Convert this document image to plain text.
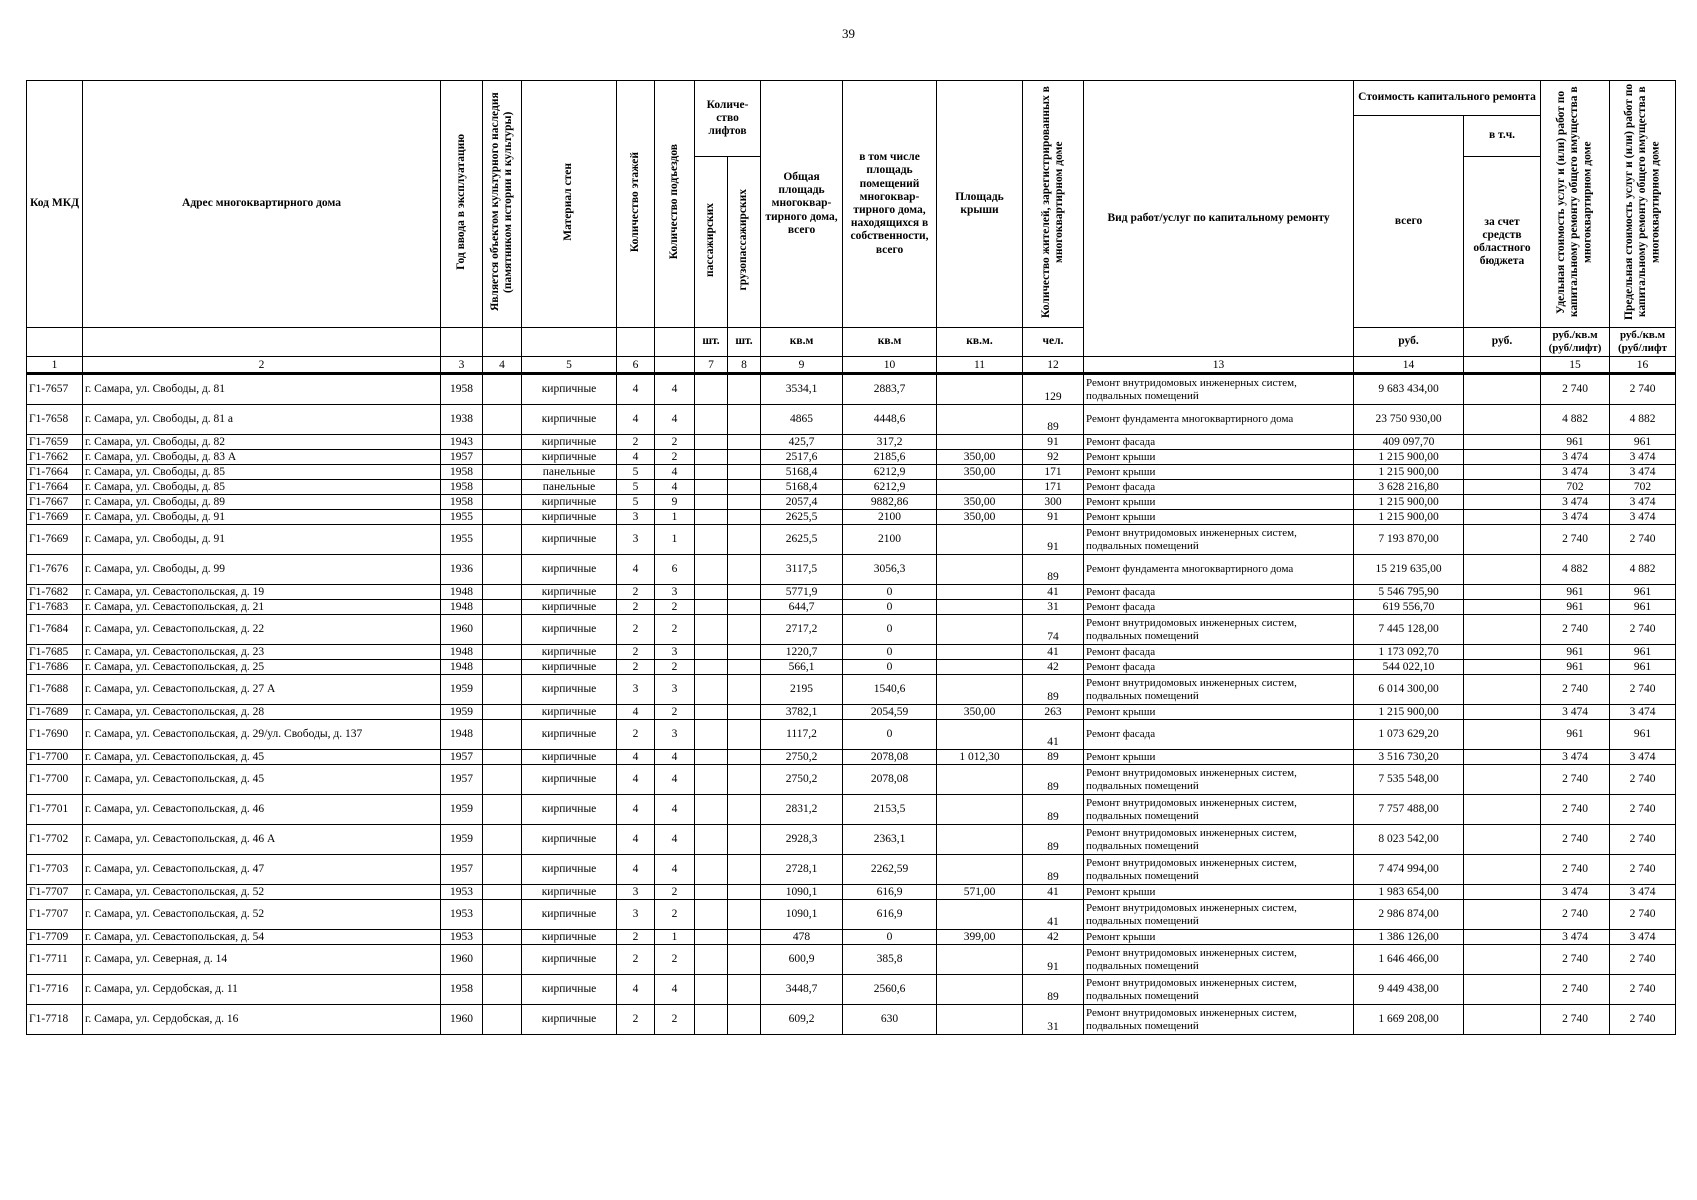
39
Код МКД	Адрес многоквартирного дома	Год ввода в эксплуатацию	Является объектом культурного наследия (памятником истории и культуры)	Материал стен	Количество этажей	Количество подъездов	Количе-ство лифтов		Общая площадь многоквар-тирного дома, всего	в том числе площадь помещений многоквар-тирного дома, находящихся в собственности, всего	Площадь крыши	Количество жителей, зарегистрированных в многоквартирном доме	Вид работ/услуг по капитальному ремонту	Стоимость капитального ремонта		Удельная стоимость услуг и (или) работ по капитальному ремонту общего имущества в многоквартирном доме	Предельная стоимость услуг и (или) работ по капитальному ремонту общего имущества в многоквартирном доме
														всего	в т.ч.		
							пассажирских	грузопассажирских							за счет средств областного бюджета		
							шт.	шт.	кв.м	кв.м	кв.м.	чел.		руб.	руб.	руб./кв.м (руб/лифт)	руб./кв.м (руб/лифт
1	2	3	4	5	6		7	8	9	10	11	12	13	14		15	16
Г1-7657	г. Самара, ул. Свободы, д. 81	1958		кирпичные	4	4			3534,1	2883,7		129	Ремонт внутридомовых инженерных систем, подвальных помещений	9 683 434,00		2 740	2 740
Г1-7658	г. Самара, ул. Свободы, д. 81 а	1938		кирпичные	4	4			4865	4448,6		89	Ремонт фундамента многоквартирного дома	23 750 930,00		4 882	4 882
Г1-7659	г. Самара, ул. Свободы, д. 82	1943		кирпичные	2	2			425,7	317,2		91	Ремонт фасада	409 097,70		961	961
Г1-7662	г. Самара, ул. Свободы, д. 83 А	1957		кирпичные	4	2			2517,6	2185,6	350,00	92	Ремонт крыши	1 215 900,00		3 474	3 474
Г1-7664	г. Самара, ул. Свободы, д. 85	1958		панельные	5	4			5168,4	6212,9	350,00	171	Ремонт крыши	1 215 900,00		3 474	3 474
Г1-7664	г. Самара, ул. Свободы, д. 85	1958		панельные	5	4			5168,4	6212,9		171	Ремонт фасада	3 628 216,80		702	702
Г1-7667	г. Самара, ул. Свободы, д. 89	1958		кирпичные	5	9			2057,4	9882,86	350,00	300	Ремонт крыши	1 215 900,00		3 474	3 474
Г1-7669	г. Самара, ул. Свободы, д. 91	1955		кирпичные	3	1			2625,5	2100	350,00	91	Ремонт крыши	1 215 900,00		3 474	3 474
Г1-7669	г. Самара, ул. Свободы, д. 91	1955		кирпичные	3	1			2625,5	2100		91	Ремонт внутридомовых инженерных систем, подвальных помещений	7 193 870,00		2 740	2 740
Г1-7676	г. Самара, ул. Свободы, д. 99	1936		кирпичные	4	6			3117,5	3056,3		89	Ремонт фундамента многоквартирного дома	15 219 635,00		4 882	4 882
Г1-7682	г. Самара, ул. Севастопольская, д. 19	1948		кирпичные	2	3			5771,9	0		41	Ремонт фасада	5 546 795,90		961	961
Г1-7683	г. Самара, ул. Севастопольская, д. 21	1948		кирпичные	2	2			644,7	0		31	Ремонт фасада	619 556,70		961	961
Г1-7684	г. Самара, ул. Севастопольская, д. 22	1960		кирпичные	2	2			2717,2	0		74	Ремонт внутридомовых инженерных систем, подвальных помещений	7 445 128,00		2 740	2 740
Г1-7685	г. Самара, ул. Севастопольская, д. 23	1948		кирпичные	2	3			1220,7	0		41	Ремонт фасада	1 173 092,70		961	961
Г1-7686	г. Самара, ул. Севастопольская, д. 25	1948		кирпичные	2	2			566,1	0		42	Ремонт фасада	544 022,10		961	961
Г1-7688	г. Самара, ул. Севастопольская, д. 27 А	1959		кирпичные	3	3			2195	1540,6		89	Ремонт внутридомовых инженерных систем, подвальных помещений	6 014 300,00		2 740	2 740
Г1-7689	г. Самара, ул. Севастопольская, д. 28	1959		кирпичные	4	2			3782,1	2054,59	350,00	263	Ремонт крыши	1 215 900,00		3 474	3 474
Г1-7690	г. Самара, ул. Севастопольская, д. 29/ул. Свободы, д. 137	1948		кирпичные	2	3			1117,2	0		41	Ремонт фасада	1 073 629,20		961	961
Г1-7700	г. Самара, ул. Севастопольская, д. 45	1957		кирпичные	4	4			2750,2	2078,08	1 012,30	89	Ремонт крыши	3 516 730,20		3 474	3 474
Г1-7700	г. Самара, ул. Севастопольская, д. 45	1957		кирпичные	4	4			2750,2	2078,08		89	Ремонт внутридомовых инженерных систем, подвальных помещений	7 535 548,00		2 740	2 740
Г1-7701	г. Самара, ул. Севастопольская, д. 46	1959		кирпичные	4	4			2831,2	2153,5		89	Ремонт внутридомовых инженерных систем, подвальных помещений	7 757 488,00		2 740	2 740
Г1-7702	г. Самара, ул. Севастопольская, д. 46 А	1959		кирпичные	4	4			2928,3	2363,1		89	Ремонт внутридомовых инженерных систем, подвальных помещений	8 023 542,00		2 740	2 740
Г1-7703	г. Самара, ул. Севастопольская, д. 47	1957		кирпичные	4	4			2728,1	2262,59		89	Ремонт внутридомовых инженерных систем, подвальных помещений	7 474 994,00		2 740	2 740
Г1-7707	г. Самара, ул. Севастопольская, д. 52	1953		кирпичные	3	2			1090,1	616,9	571,00	41	Ремонт крыши	1 983 654,00		3 474	3 474
Г1-7707	г. Самара, ул. Севастопольская, д. 52	1953		кирпичные	3	2			1090,1	616,9		41	Ремонт внутридомовых инженерных систем, подвальных помещений	2 986 874,00		2 740	2 740
Г1-7709	г. Самара, ул. Севастопольская, д. 54	1953		кирпичные	2	1			478	0	399,00	42	Ремонт крыши	1 386 126,00		3 474	3 474
Г1-7711	г. Самара, ул. Северная, д. 14	1960		кирпичные	2	2			600,9	385,8		91	Ремонт внутридомовых инженерных систем, подвальных помещений	1 646 466,00		2 740	2 740
Г1-7716	г. Самара, ул. Сердобская, д. 11	1958		кирпичные	4	4			3448,7	2560,6		89	Ремонт внутридомовых инженерных систем, подвальных помещений	9 449 438,00		2 740	2 740
Г1-7718	г. Самара, ул. Сердобская, д. 16	1960		кирпичные	2	2			609,2	630		31	Ремонт внутридомовых инженерных систем, подвальных помещений	1 669 208,00		2 740	2 740
